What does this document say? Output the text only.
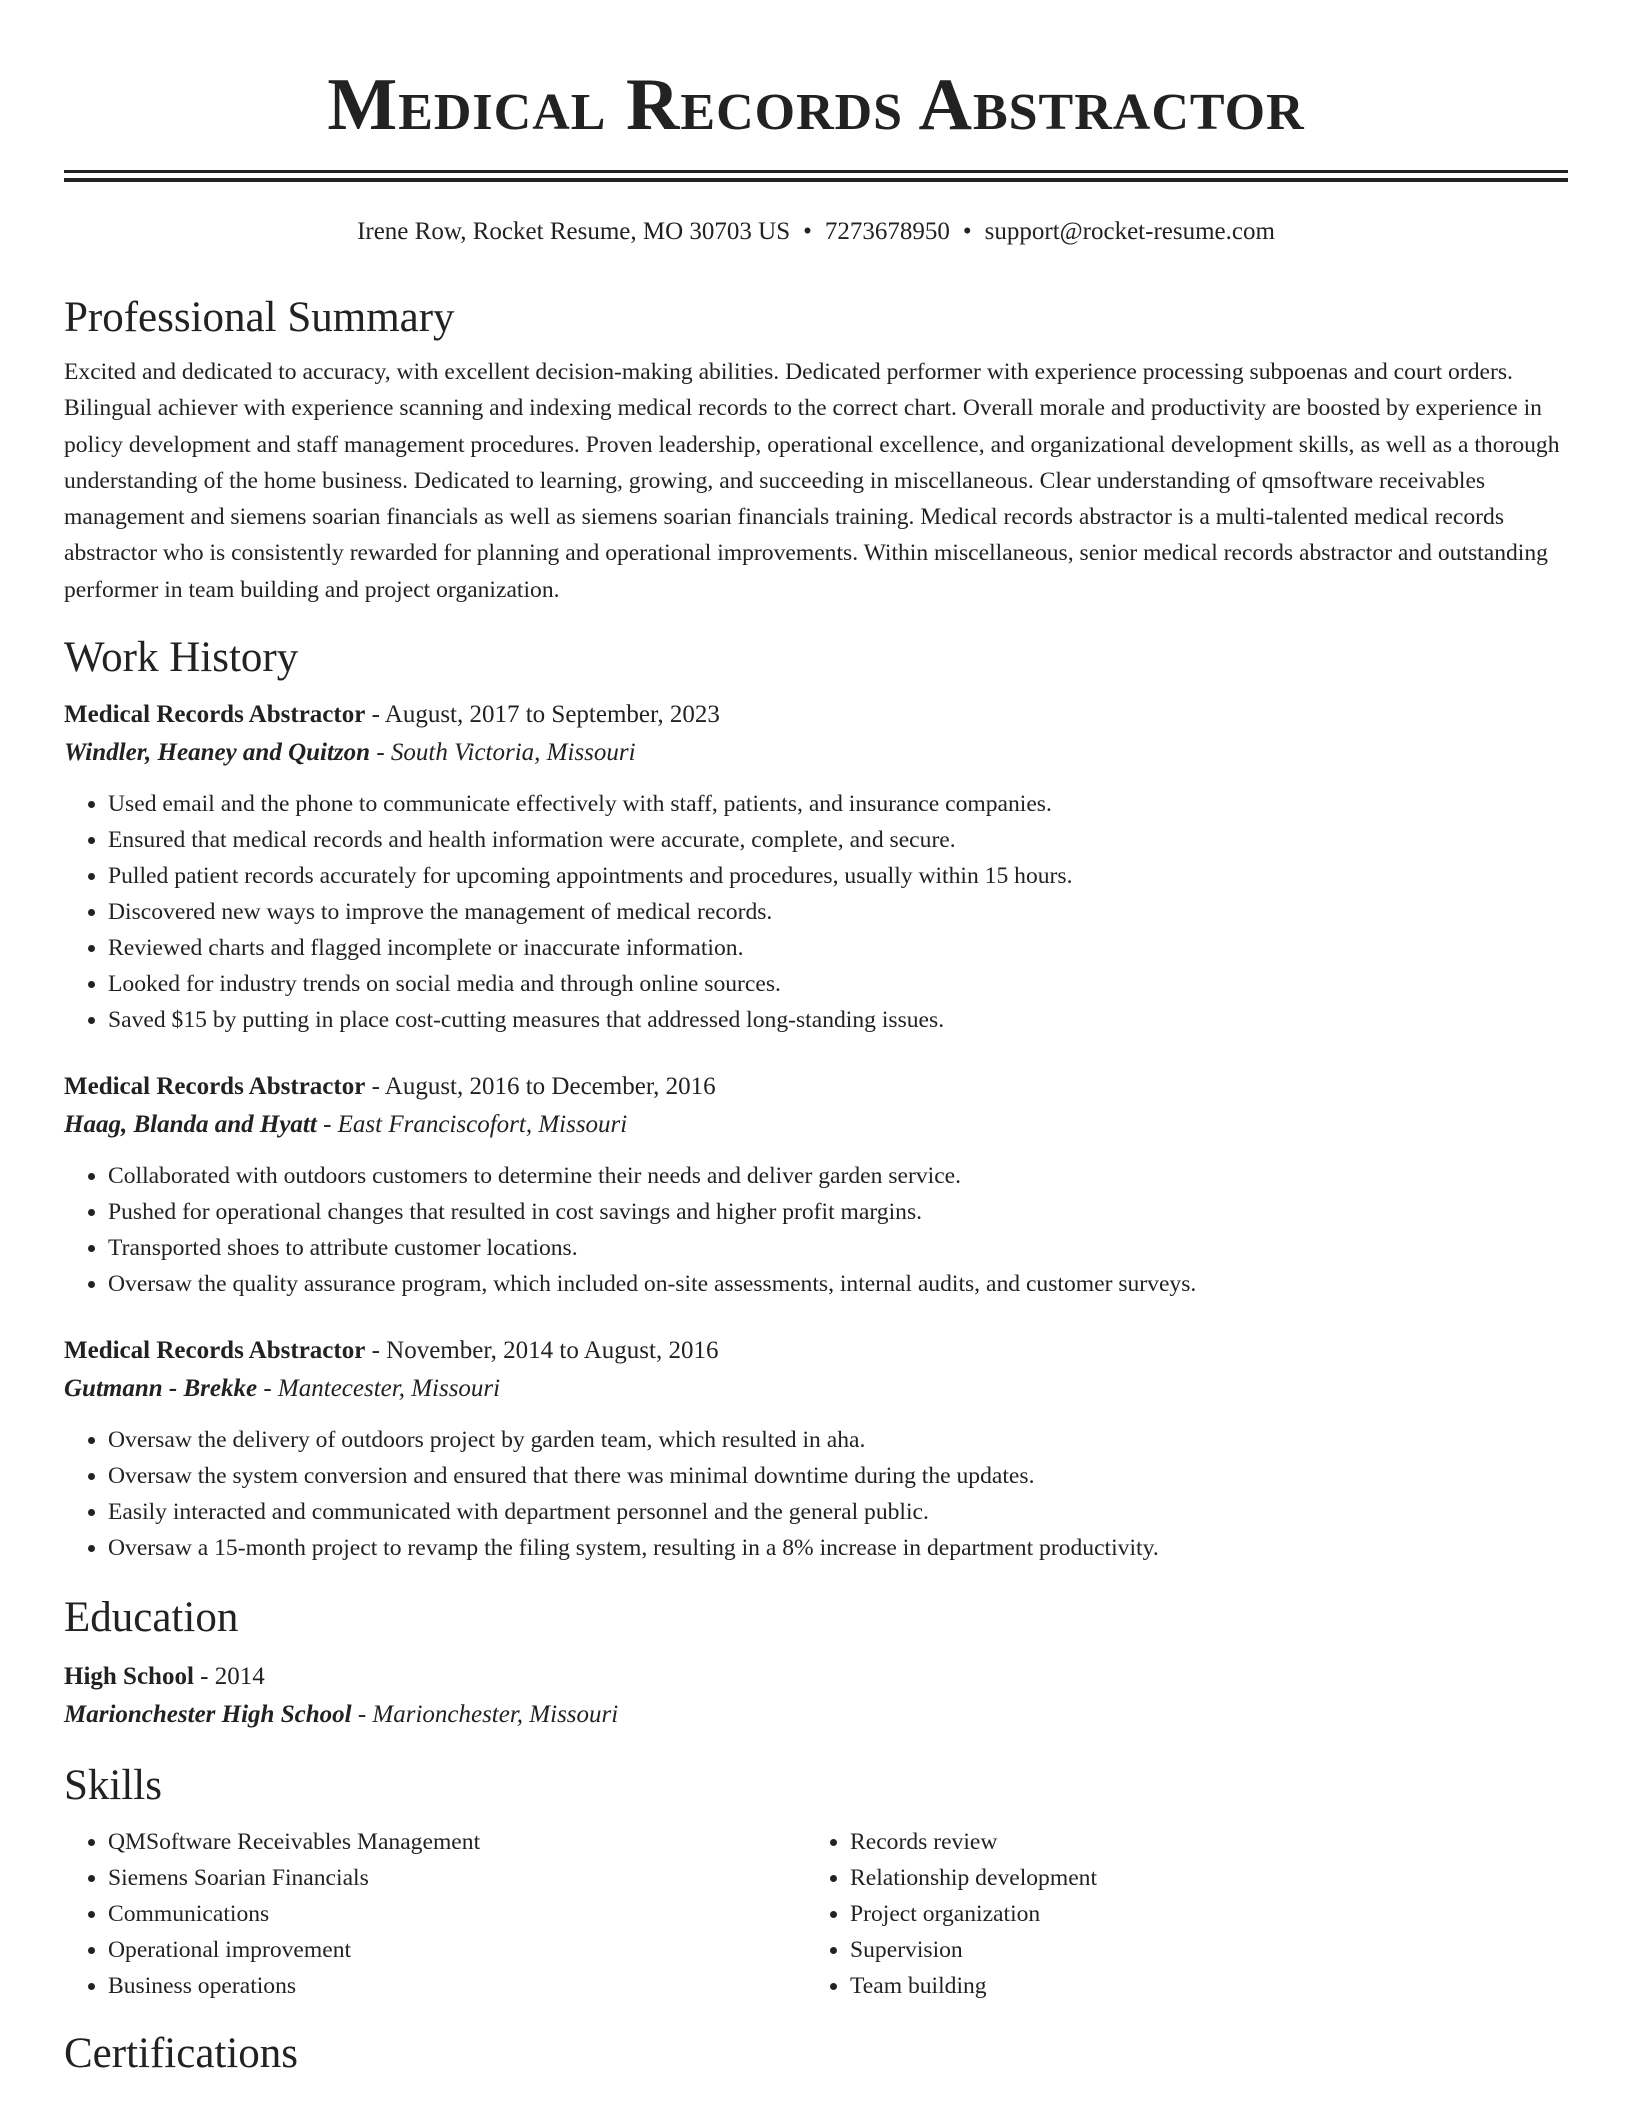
Medical Records Abstractor
Irene Row, Rocket Resume, MO 30703 US • 7273678950 • support@rocket-resume.com
Professional Summary
Excited and dedicated to accuracy, with excellent decision-making abilities. Dedicated performer with experience processing subpoenas and court orders. Bilingual achiever with experience scanning and indexing medical records to the correct chart. Overall morale and productivity are boosted by experience in policy development and staff management procedures. Proven leadership, operational excellence, and organizational development skills, as well as a thorough understanding of the home business. Dedicated to learning, growing, and succeeding in miscellaneous. Clear understanding of qmsoftware receivables management and siemens soarian financials as well as siemens soarian financials training. Medical records abstractor is a multi-talented medical records abstractor who is consistently rewarded for planning and operational improvements. Within miscellaneous, senior medical records abstractor and outstanding performer in team building and project organization.
Work History
Medical Records Abstractor - August, 2017 to September, 2023
Windler, Heaney and Quitzon - South Victoria, Missouri
• Used email and the phone to communicate effectively with staff, patients, and insurance companies.
• Ensured that medical records and health information were accurate, complete, and secure.
• Pulled patient records accurately for upcoming appointments and procedures, usually within 15 hours.
• Discovered new ways to improve the management of medical records.
• Reviewed charts and flagged incomplete or inaccurate information.
• Looked for industry trends on social media and through online sources.
• Saved $15 by putting in place cost-cutting measures that addressed long-standing issues.
Medical Records Abstractor - August, 2016 to December, 2016
Haag, Blanda and Hyatt - East Franciscofort, Missouri
• Collaborated with outdoors customers to determine their needs and deliver garden service.
• Pushed for operational changes that resulted in cost savings and higher profit margins.
• Transported shoes to attribute customer locations.
• Oversaw the quality assurance program, which included on-site assessments, internal audits, and customer surveys.
Medical Records Abstractor - November, 2014 to August, 2016
Gutmann - Brekke - Mantecester, Missouri
• Oversaw the delivery of outdoors project by garden team, which resulted in aha.
• Oversaw the system conversion and ensured that there was minimal downtime during the updates.
• Easily interacted and communicated with department personnel and the general public.
• Oversaw a 15-month project to revamp the filing system, resulting in a 8% increase in department productivity.
Education
High School - 2014
Marionchester High School - Marionchester, Missouri
Skills
• QMSoftware Receivables Management
• Siemens Soarian Financials
• Communications
• Operational improvement
• Business operations
• Records review
• Relationship development
• Project organization
• Supervision
• Team building
Certifications
